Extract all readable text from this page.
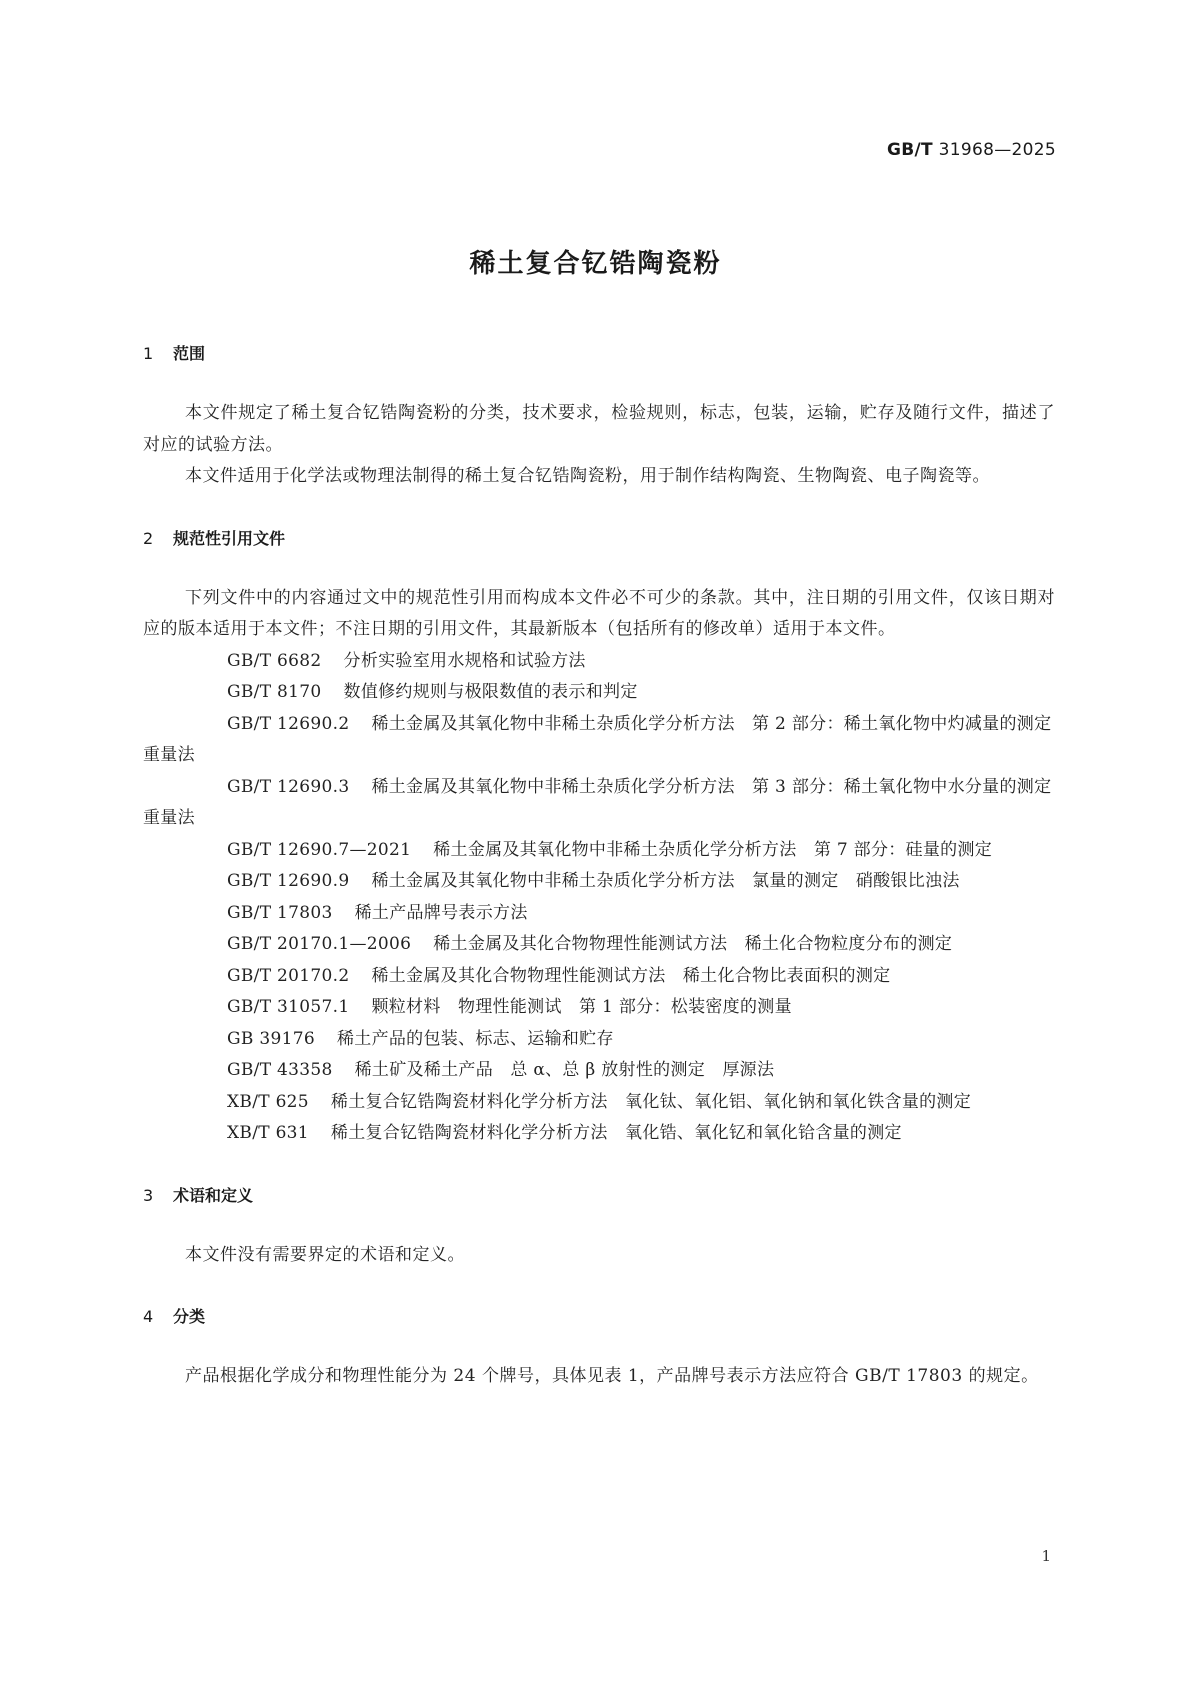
GB/T 31968—2025
稀土复合钇锆陶瓷粉
1 范围

本文件规定了稀土复合钇锆陶瓷粉的分类，技术要求，检验规则，标志，包装，运输，贮存及随行文件，描述了对应的试验方法。

本文件适用于化学法或物理法制得的稀土复合钇锆陶瓷粉，用于制作结构陶瓷、生物陶瓷、电子陶瓷等。

2 规范性引用文件

下列文件中的内容通过文中的规范性引用而构成本文件必不可少的条款。其中，注日期的引用文件，仅该日期对应的版本适用于本文件；不注日期的引用文件，其最新版本（包括所有的修改单）适用于本文件。

GB/T 6682 分析实验室用水规格和试验方法

GB/T 8170 数值修约规则与极限数值的表示和判定

GB/T 12690.2 稀土金属及其氧化物中非稀土杂质化学分析方法　第 2 部分：稀土氧化物中灼减量的测定　重量法

GB/T 12690.3 稀土金属及其氧化物中非稀土杂质化学分析方法　第 3 部分：稀土氧化物中水分量的测定　重量法

GB/T 12690.7—2021 稀土金属及其氧化物中非稀土杂质化学分析方法　第 7 部分：硅量的测定

GB/T 12690.9 稀土金属及其氧化物中非稀土杂质化学分析方法　氯量的测定　硝酸银比浊法

GB/T 17803 稀土产品牌号表示方法

GB/T 20170.1—2006 稀土金属及其化合物物理性能测试方法　稀土化合物粒度分布的测定

GB/T 20170.2 稀土金属及其化合物物理性能测试方法　稀土化合物比表面积的测定

GB/T 31057.1 颗粒材料　物理性能测试　第 1 部分：松装密度的测量

GB 39176 稀土产品的包装、标志、运输和贮存

GB/T 43358 稀土矿及稀土产品　总 α、总 β 放射性的测定　厚源法

XB/T 625 稀土复合钇锆陶瓷材料化学分析方法　氧化钛、氧化铝、氧化钠和氧化铁含量的测定

XB/T 631 稀土复合钇锆陶瓷材料化学分析方法　氧化锆、氧化钇和氧化铪含量的测定

3 术语和定义

本文件没有需要界定的术语和定义。

4 分类

产品根据化学成分和物理性能分为 24 个牌号，具体见表 1，产品牌号表示方法应符合 GB/T 17803 的规定。

1
